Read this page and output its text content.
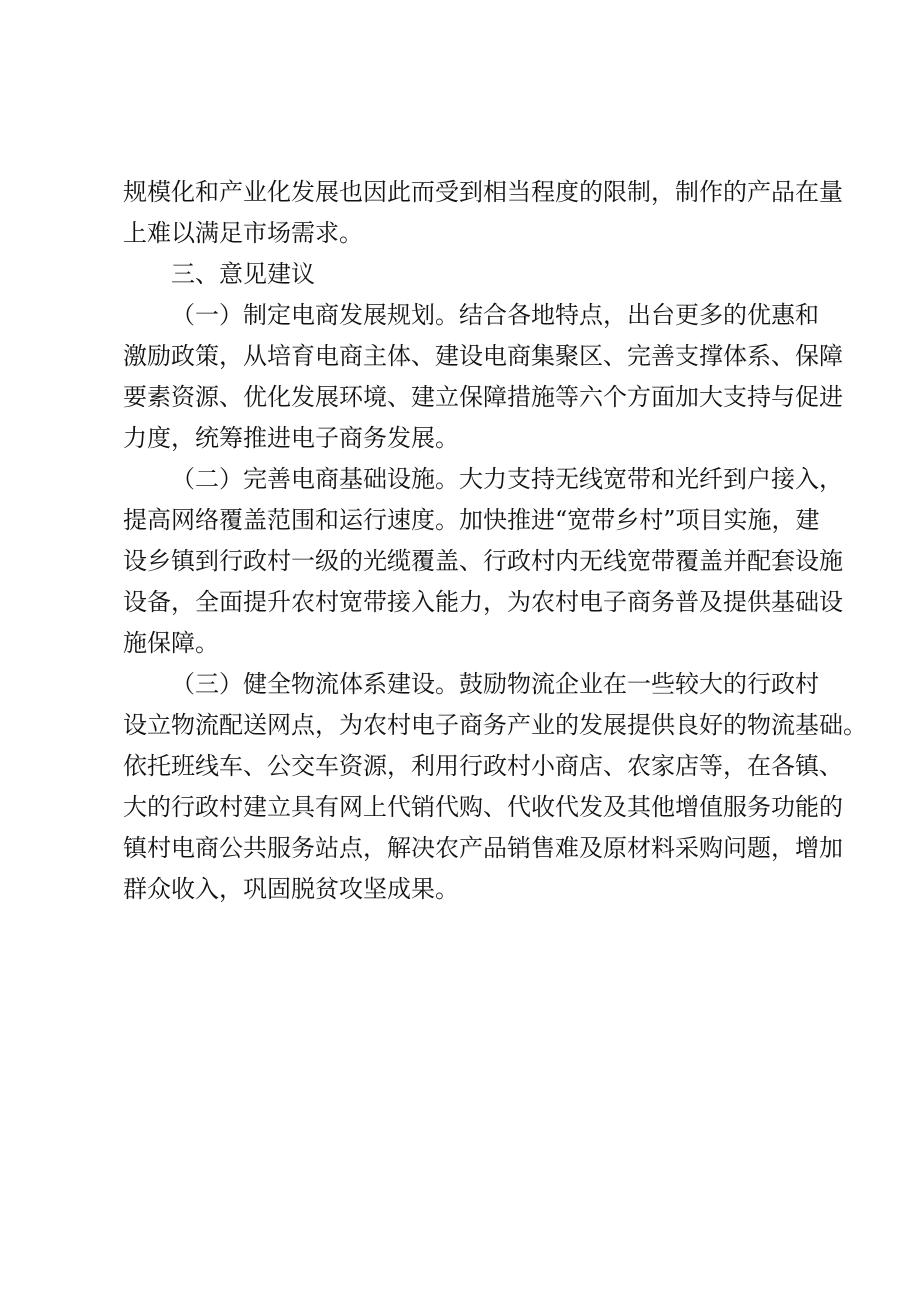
规模化和产业化发展也因此而受到相当程度的限制，制作的产品在量
上难以满足市场需求。
三、意见建议
（一）制定电商发展规划。结合各地特点，出台更多的优惠和
激励政策，从培育电商主体、建设电商集聚区、完善支撑体系、保障
要素资源、优化发展环境、建立保障措施等六个方面加大支持与促进
力度，统筹推进电子商务发展。
（二）完善电商基础设施。大力支持无线宽带和光纤到户接入，
提高网络覆盖范围和运行速度。加快推进“宽带乡村”项目实施，建
设乡镇到行政村一级的光缆覆盖、行政村内无线宽带覆盖并配套设施
设备，全面提升农村宽带接入能力，为农村电子商务普及提供基础设
施保障。
（三）健全物流体系建设。鼓励物流企业在一些较大的行政村
设立物流配送网点，为农村电子商务产业的发展提供良好的物流基础。
依托班线车、公交车资源，利用行政村小商店、农家店等，在各镇、
大的行政村建立具有网上代销代购、代收代发及其他增值服务功能的
镇村电商公共服务站点，解决农产品销售难及原材料采购问题，增加
群众收入，巩固脱贫攻坚成果。
